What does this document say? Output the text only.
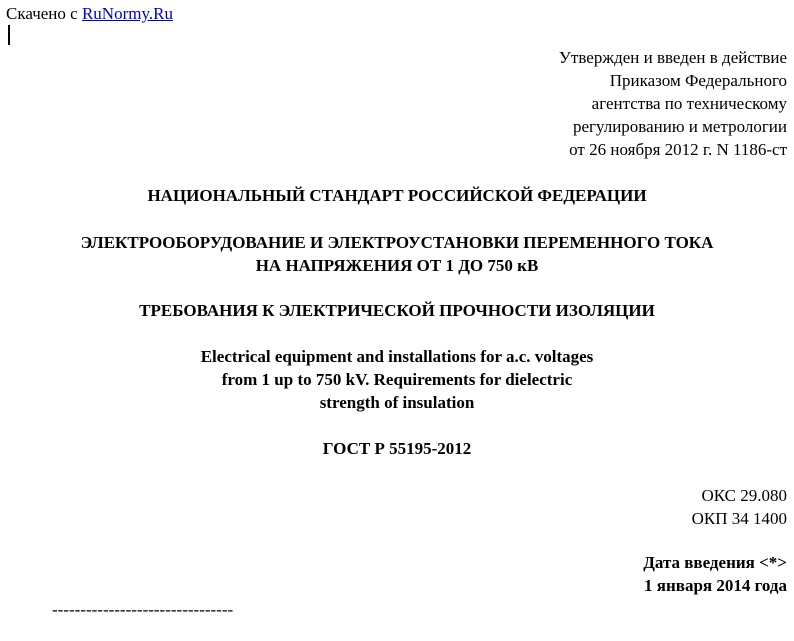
Скачено с RuNormy.Ru
Утвержден и введен в действие
Приказом Федерального
агентства по техническому
регулированию и метрологии
от 26 ноября 2012 г. N 1186-ст
НАЦИОНАЛЬНЫЙ СТАНДАРТ РОССИЙСКОЙ ФЕДЕРАЦИИ
ЭЛЕКТРООБОРУДОВАНИЕ И ЭЛЕКТРОУСТАНОВКИ ПЕРЕМЕННОГО ТОКА
НА НАПРЯЖЕНИЯ ОТ 1 ДО 750 кВ
ТРЕБОВАНИЯ К ЭЛЕКТРИЧЕСКОЙ ПРОЧНОСТИ ИЗОЛЯЦИИ
Electrical equipment and installations for a.c. voltages
from 1 up to 750 kV. Requirements for dielectric
strength of insulation
ГОСТ Р 55195-2012
ОКС 29.080
ОКП 34 1400
Дата введения <*>
1 января 2014 года
--------------------------------
